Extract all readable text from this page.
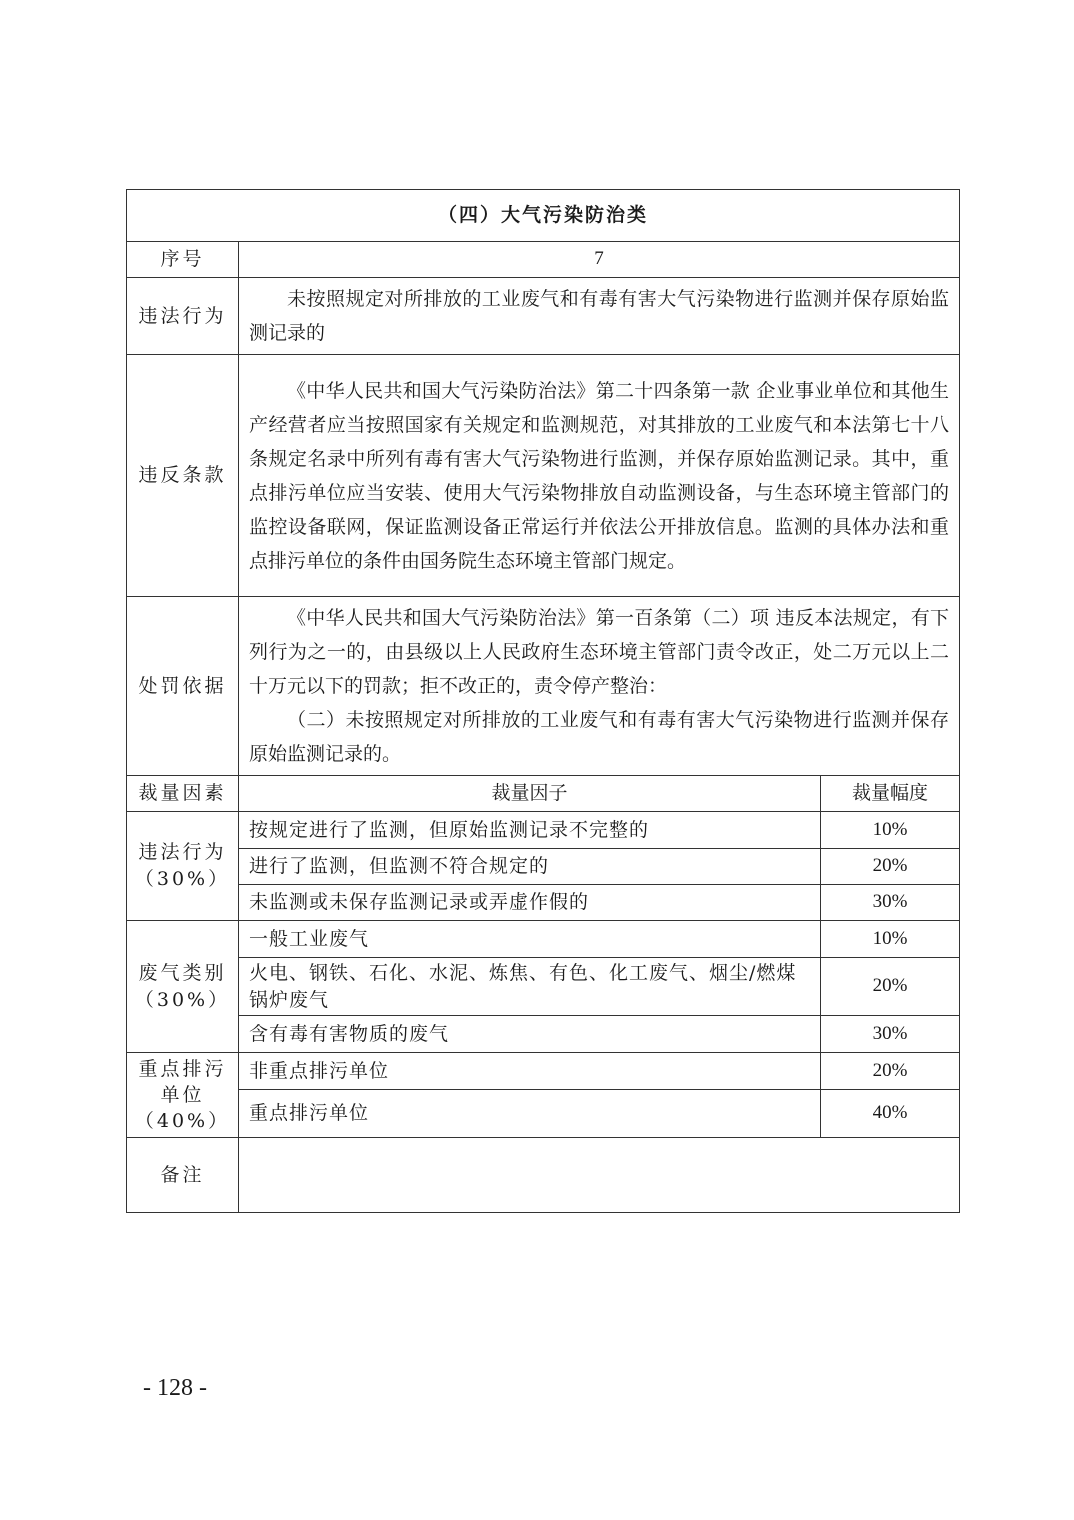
（四）大气污染防治类		
序号	7	
违法行为	未按照规定对所排放的工业废气和有毒有害大气污染物进行监测并保存原始监测记录的	

违反条款	《中华人民共和国大气污染防治法》第二十四条第一款 企业事业单位和其他生产经营者应当按照国家有关规定和监测规范，对其排放的工业废气和本法第七十八条规定名录中所列有毒有害大气污染物进行监测，并保存原始监测记录。其中，重点排污单位应当安装、使用大气污染物排放自动监测设备，与生态环境主管部门的监控设备联网，保证监测设备正常运行并依法公开排放信息。监测的具体办法和重点排污单位的条件由国务院生态环境主管部门规定。	

处罚依据	《中华人民共和国大气污染防治法》第一百条第（二）项 违反本法规定，有下列行为之一的，由县级以上人民政府生态环境主管部门责令改正，处二万元以上二十万元以下的罚款；拒不改正的，责令停产整治：

（二）未按照规定对所排放的工业废气和有毒有害大气污染物进行监测并保存原始监测记录的。	

裁量因素	裁量因子	裁量幅度
违法行为
（30%）	按规定进行了监测，但原始监测记录不完整的	10%
	进行了监测，但监测不符合规定的	20%
	未监测或未保存监测记录或弄虚作假的	30%
废气类别
（30%）	一般工业废气	10%
	火电、钢铁、石化、水泥、炼焦、有色、化工废气、烟尘/燃煤锅炉废气	20%
	含有毒有害物质的废气	30%
重点排污单位
（40%）	非重点排污单位	20%
	重点排污单位	40%
备注		
- 128 -
